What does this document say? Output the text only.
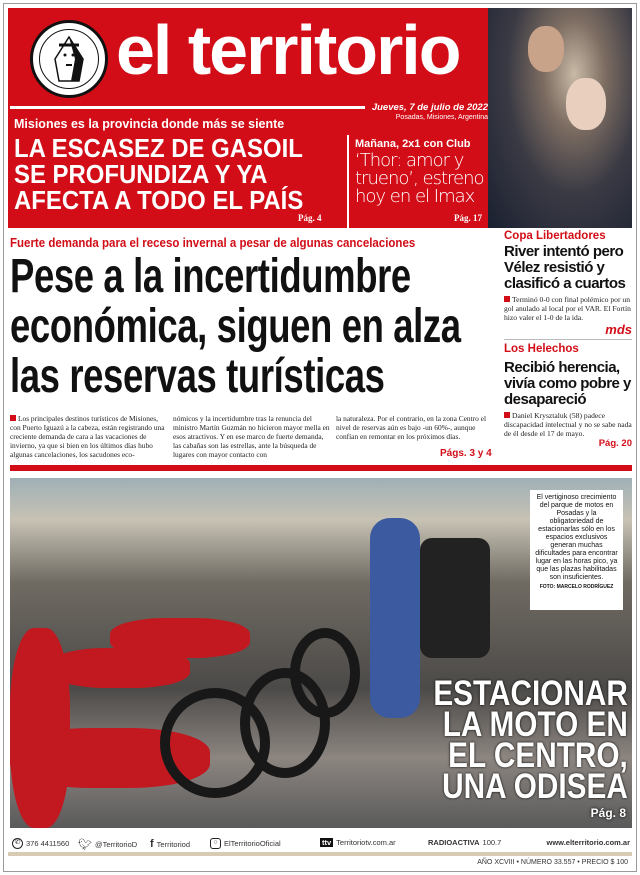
el territorio
Jueves, 7 de julio de 2022
Posadas, Misiones, Argentina
Misiones es la provincia donde más se siente
LA ESCASEZ DE GASOIL
SE PROFUNDIZA Y YA
AFECTA A TODO EL PAÍS
Pág. 4
Mañana, 2x1 con Club
‘Thor: amor y
trueno’, estreno
hoy en el Imax
Pág. 17
Fuerte demanda para el receso invernal a pesar de algunas cancelaciones
Pese a la incertidumbre
económica, siguen en alza
las reservas turísticas
Los principales destinos turísticos de Misiones, con Puerto Iguazú a la cabeza, están registrando una creciente demanda de cara a las vacaciones de invierno, ya que si bien en los últimos días hubo algunas cancelaciones, los sacudones eco-
nómicos y la incertidumbre tras la renuncia del ministro Martín Guzmán no hicieron mayor mella en esos atractivos. Y en ese marco de fuerte demanda, las cabañas son las estrellas, ante la búsqueda de lugares con mayor contacto con
la naturaleza. Por el contrario, en la zona Centro el nivel de reservas aún es bajo -un 60%-, aunque confían en remontar en los próximos días.
Págs. 3 y 4
Copa Libertadores
River intentó pero Vélez resistió y clasificó a cuartos
Terminó 0-0 con final polémico por un gol anulado al local por el VAR. El Fortín hizo valer el 1-0 de la ida.
mds
Los Helechos
Recibió herencia, vivía como pobre y desapareció
Daniel Krysztaluk (58) padece discapacidad intelectual y no se sabe nada de él desde el 17 de mayo.
Pág. 20
El vertiginoso crecimiento del parque de motos en Posadas y la obligatoriedad de estacionarlas sólo en los espacios exclusivos generan muchas dificultades para encontrar lugar en las horas pico, ya que las plazas habilitadas son insuficientes.
FOTO: MARCELO RODRÍGUEZ
ESTACIONAR
LA MOTO EN
EL CENTRO,
UNA ODISEA
Pág. 8
✆ 376 4411560 🐦︎ @TerritorioD f Territoriod	○ ElTerritorioOficial	ttv Territoriotv.com.ar	RADIOACTIVA 100.7	www.elterritorio.com.ar
AÑO XCVIII • NÚMERO 33.557 • PRECIO $ 100
